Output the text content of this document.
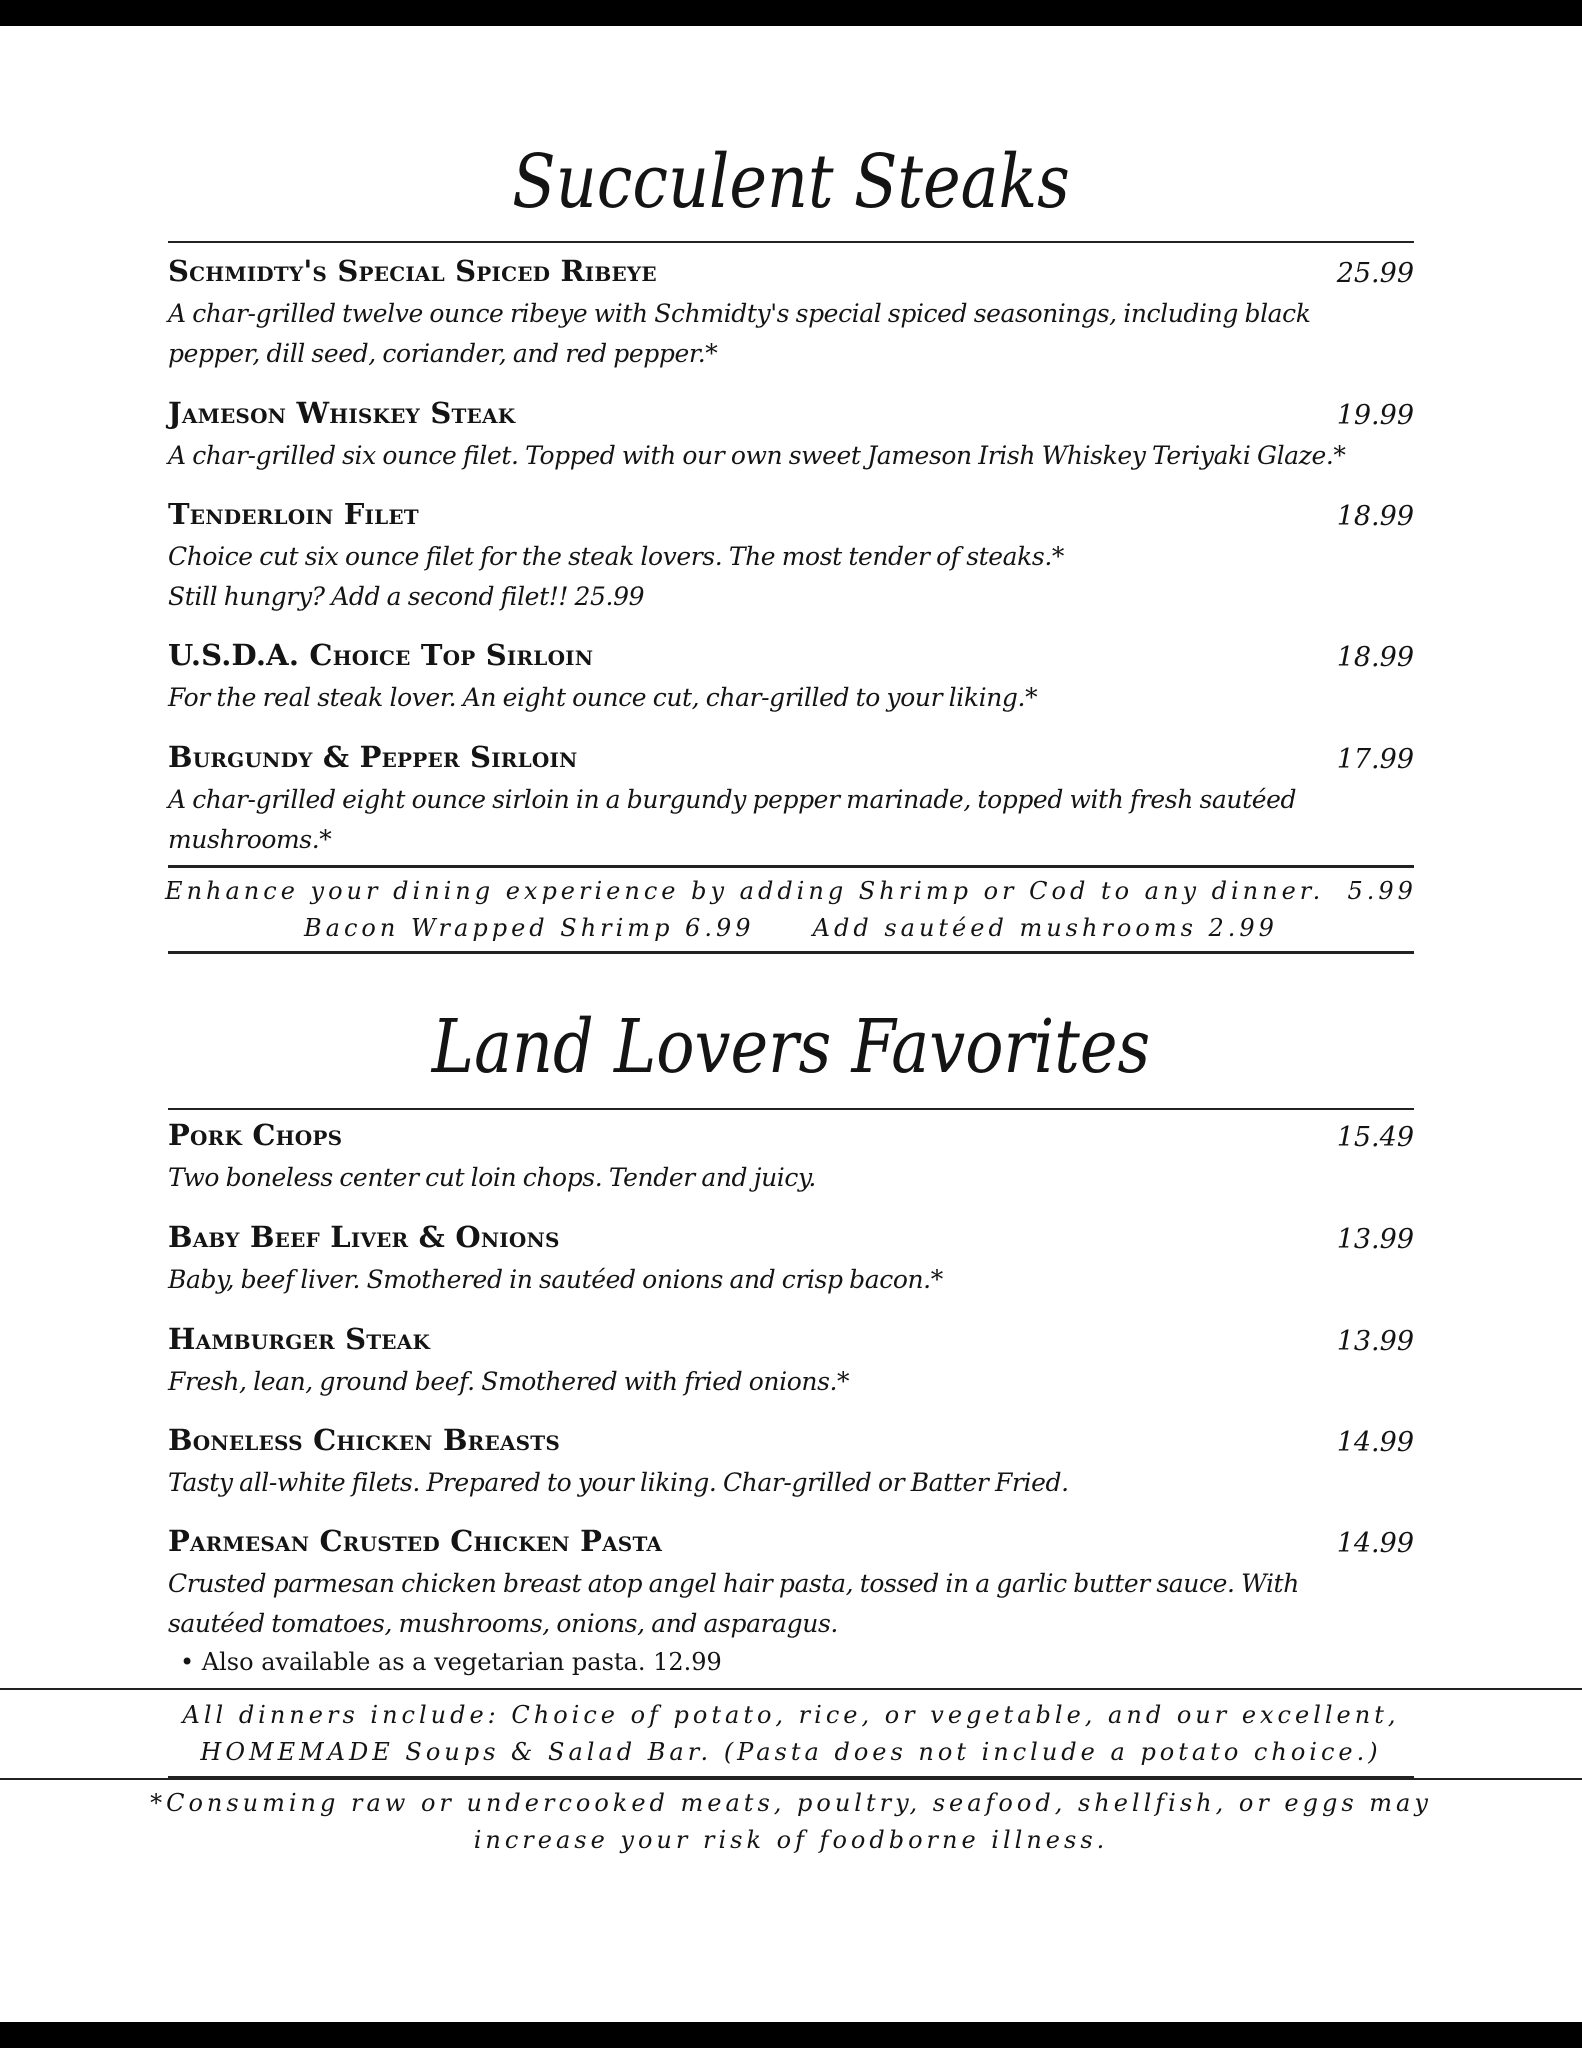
Succulent Steaks
Schmidty's Special Spiced Ribeye	25.99
A char-grilled twelve ounce ribeye with Schmidty's special spiced seasonings, including black pepper, dill seed, coriander, and red pepper.*
Jameson Whiskey Steak	19.99
A char-grilled six ounce filet. Topped with our own sweet Jameson Irish Whiskey Teriyaki Glaze.*
Tenderloin Filet	18.99
Choice cut six ounce filet for the steak lovers. The most tender of steaks.*
Still hungry? Add a second filet!! 25.99
U.S.D.A. Choice Top Sirloin	18.99
For the real steak lover. An eight ounce cut, char-grilled to your liking.*
Burgundy & Pepper Sirloin	17.99
A char-grilled eight ounce sirloin in a burgundy pepper marinade, topped with fresh sautéed mushrooms.*
Enhance your dining experience by adding Shrimp or Cod to any dinner.  5.99
Bacon Wrapped Shrimp 6.99     Add sautéed mushrooms 2.99
Land Lovers Favorites
Pork Chops	15.49
Two boneless center cut loin chops. Tender and juicy.
Baby Beef Liver & Onions	13.99
Baby, beef liver. Smothered in sautéed onions and crisp bacon.*
Hamburger Steak	13.99
Fresh, lean, ground beef. Smothered with fried onions.*
Boneless Chicken Breasts	14.99
Tasty all-white filets. Prepared to your liking. Char-grilled or Batter Fried.
Parmesan Crusted Chicken Pasta	14.99
Crusted parmesan chicken breast atop angel hair pasta, tossed in a garlic butter sauce. With sautéed tomatoes, mushrooms, onions, and asparagus.
• Also available as a vegetarian pasta. 12.99
All dinners include: Choice of potato, rice, or vegetable, and our excellent,
HOMEMADE Soups & Salad Bar. (Pasta does not include a potato choice.)
*Consuming raw or undercooked meats, poultry, seafood, shellfish, or eggs may
increase your risk of foodborne illness.
